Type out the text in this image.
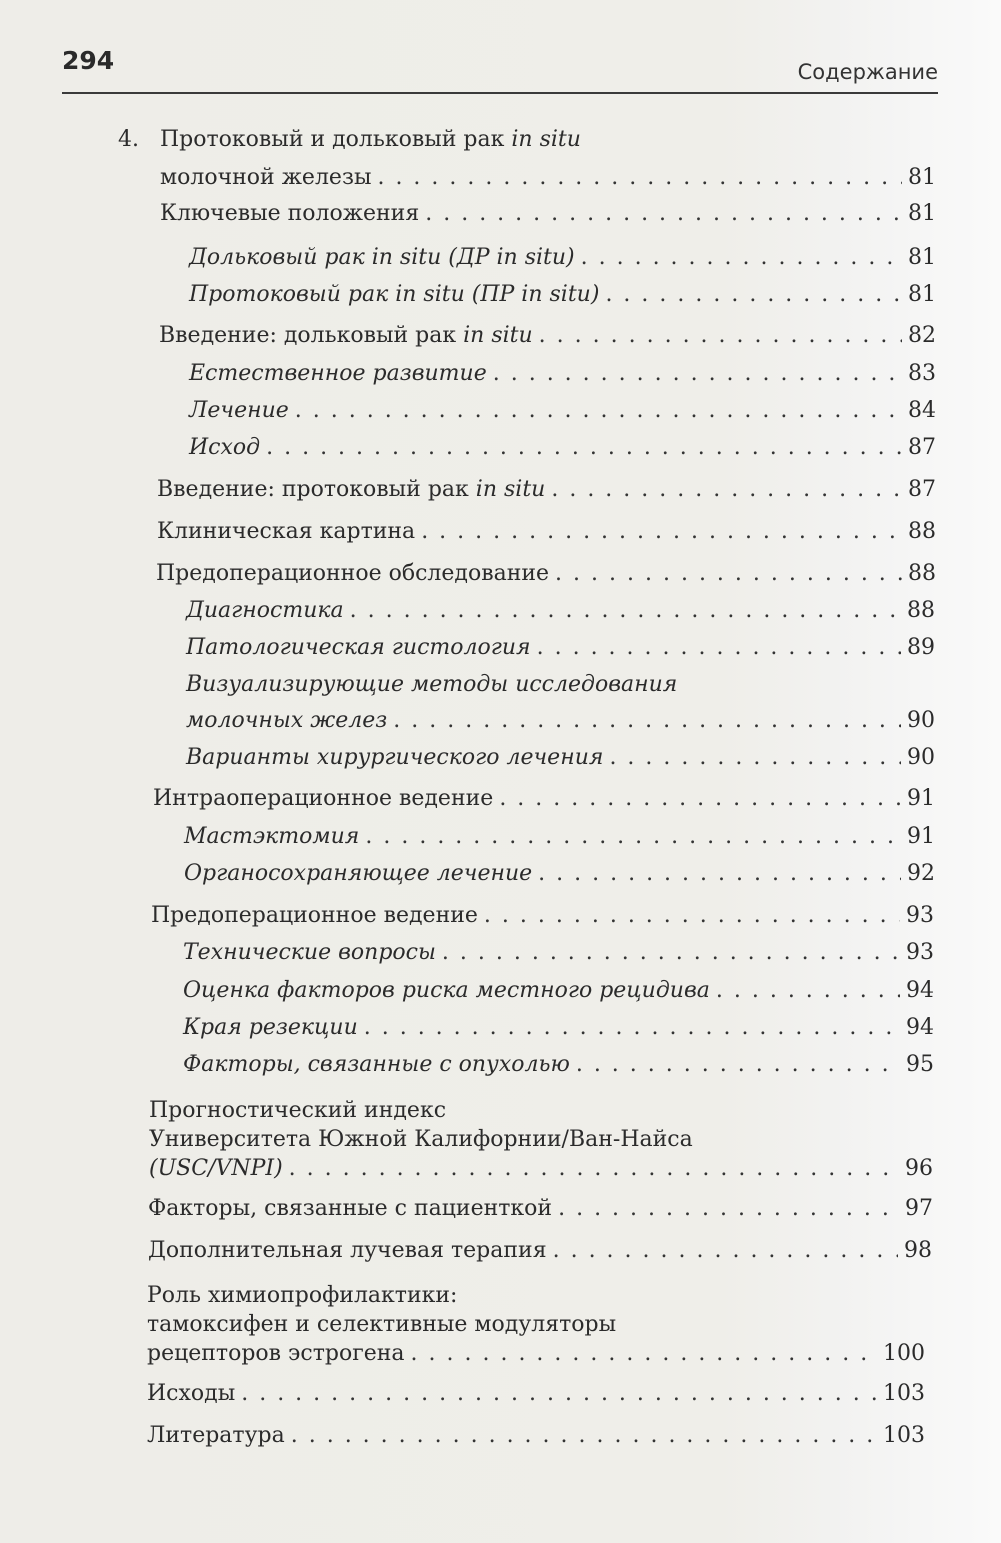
294	Содержание
4. Протоковый и дольковый рак in situ
молочной железы . . .	81
Ключевые положения . . .	81
Дольковый рак in situ (ДР in situ) . . .	81
Протоковый рак in situ (ПР in situ) . . .	81
Введение: дольковый рак in situ . . .	82
Естественное развитие . . .	83
Лечение . . .	84
Исход . . .	87
Введение: протоковый рак in situ . . .	87
Клиническая картина . . .	88
Предоперационное обследование . . .	88
Диагностика . . .	88
Патологическая гистология . . .	89
Визуализирующие методы исследования
молочных желез . . .	90
Варианты хирургического лечения . . .	90
Интраоперационное ведение . . .	91
Мастэктомия . . .	91
Органосохраняющее лечение . . .	92
Предоперационное ведение . . .	93
Технические вопросы . . .	93
Оценка факторов риска местного рецидива . . .	94
Края резекции . . .	94
Факторы, связанные с опухолью . . .	95
Прогностический индекс
Университета Южной Калифорнии/Ван-Найса
(USC/VNPI) . . .	96
Факторы, связанные с пациенткой . . .	97
Дополнительная лучевая терапия . . .	98
Роль химиопрофилактики:
тамоксифен и селективные модуляторы
рецепторов эстрогена . . .	100
Исходы . . .	103
Литература . . .	103
